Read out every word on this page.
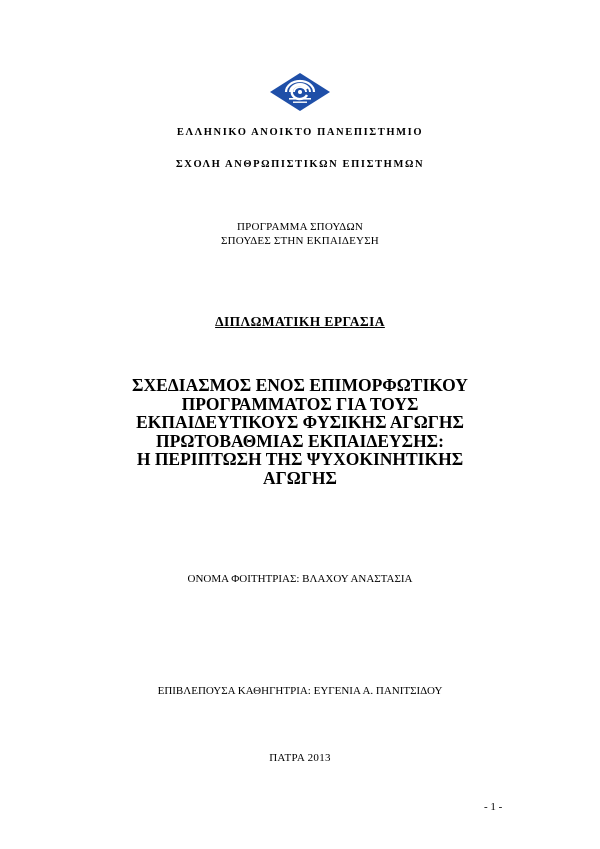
ΕΛΛΗΝΙΚΟ ΑΝΟΙΚΤΟ ΠΑΝΕΠΙΣΤΗΜΙΟ
ΣΧΟΛΗ ΑΝΘΡΩΠΙΣΤΙΚΩΝ ΕΠΙΣΤΗΜΩΝ
ΠΡΟΓΡΑΜΜΑ ΣΠΟΥΔΩΝ
ΣΠΟΥΔΕΣ ΣΤΗΝ ΕΚΠΑΙΔΕΥΣΗ
ΔΙΠΛΩΜΑΤΙΚΗ ΕΡΓΑΣΙΑ
ΣΧΕΔΙΑΣΜΟΣ ΕΝΟΣ ΕΠΙΜΟΡΦΩΤΙΚΟΥ
ΠΡΟΓΡΑΜΜΑΤΟΣ ΓΙΑ ΤΟΥΣ
ΕΚΠΑΙΔΕΥΤΙΚΟΥΣ ΦΥΣΙΚΗΣ ΑΓΩΓΗΣ
ΠΡΩΤΟΒΑΘΜΙΑΣ ΕΚΠΑΙΔΕΥΣΗΣ:
Η ΠΕΡΙΠΤΩΣΗ ΤΗΣ ΨΥΧΟΚΙΝΗΤΙΚΗΣ
ΑΓΩΓΗΣ
ΟΝΟΜΑ ΦΟΙΤΗΤΡΙΑΣ: ΒΛΑΧΟΥ ΑΝΑΣΤΑΣΙΑ
ΕΠΙΒΛΕΠΟΥΣΑ ΚΑΘΗΓΗΤΡΙΑ: ΕΥΓΕΝΙΑ Α. ΠΑΝΙΤΣΙΔΟΥ
ΠΑΤΡΑ 2013
- 1 -
